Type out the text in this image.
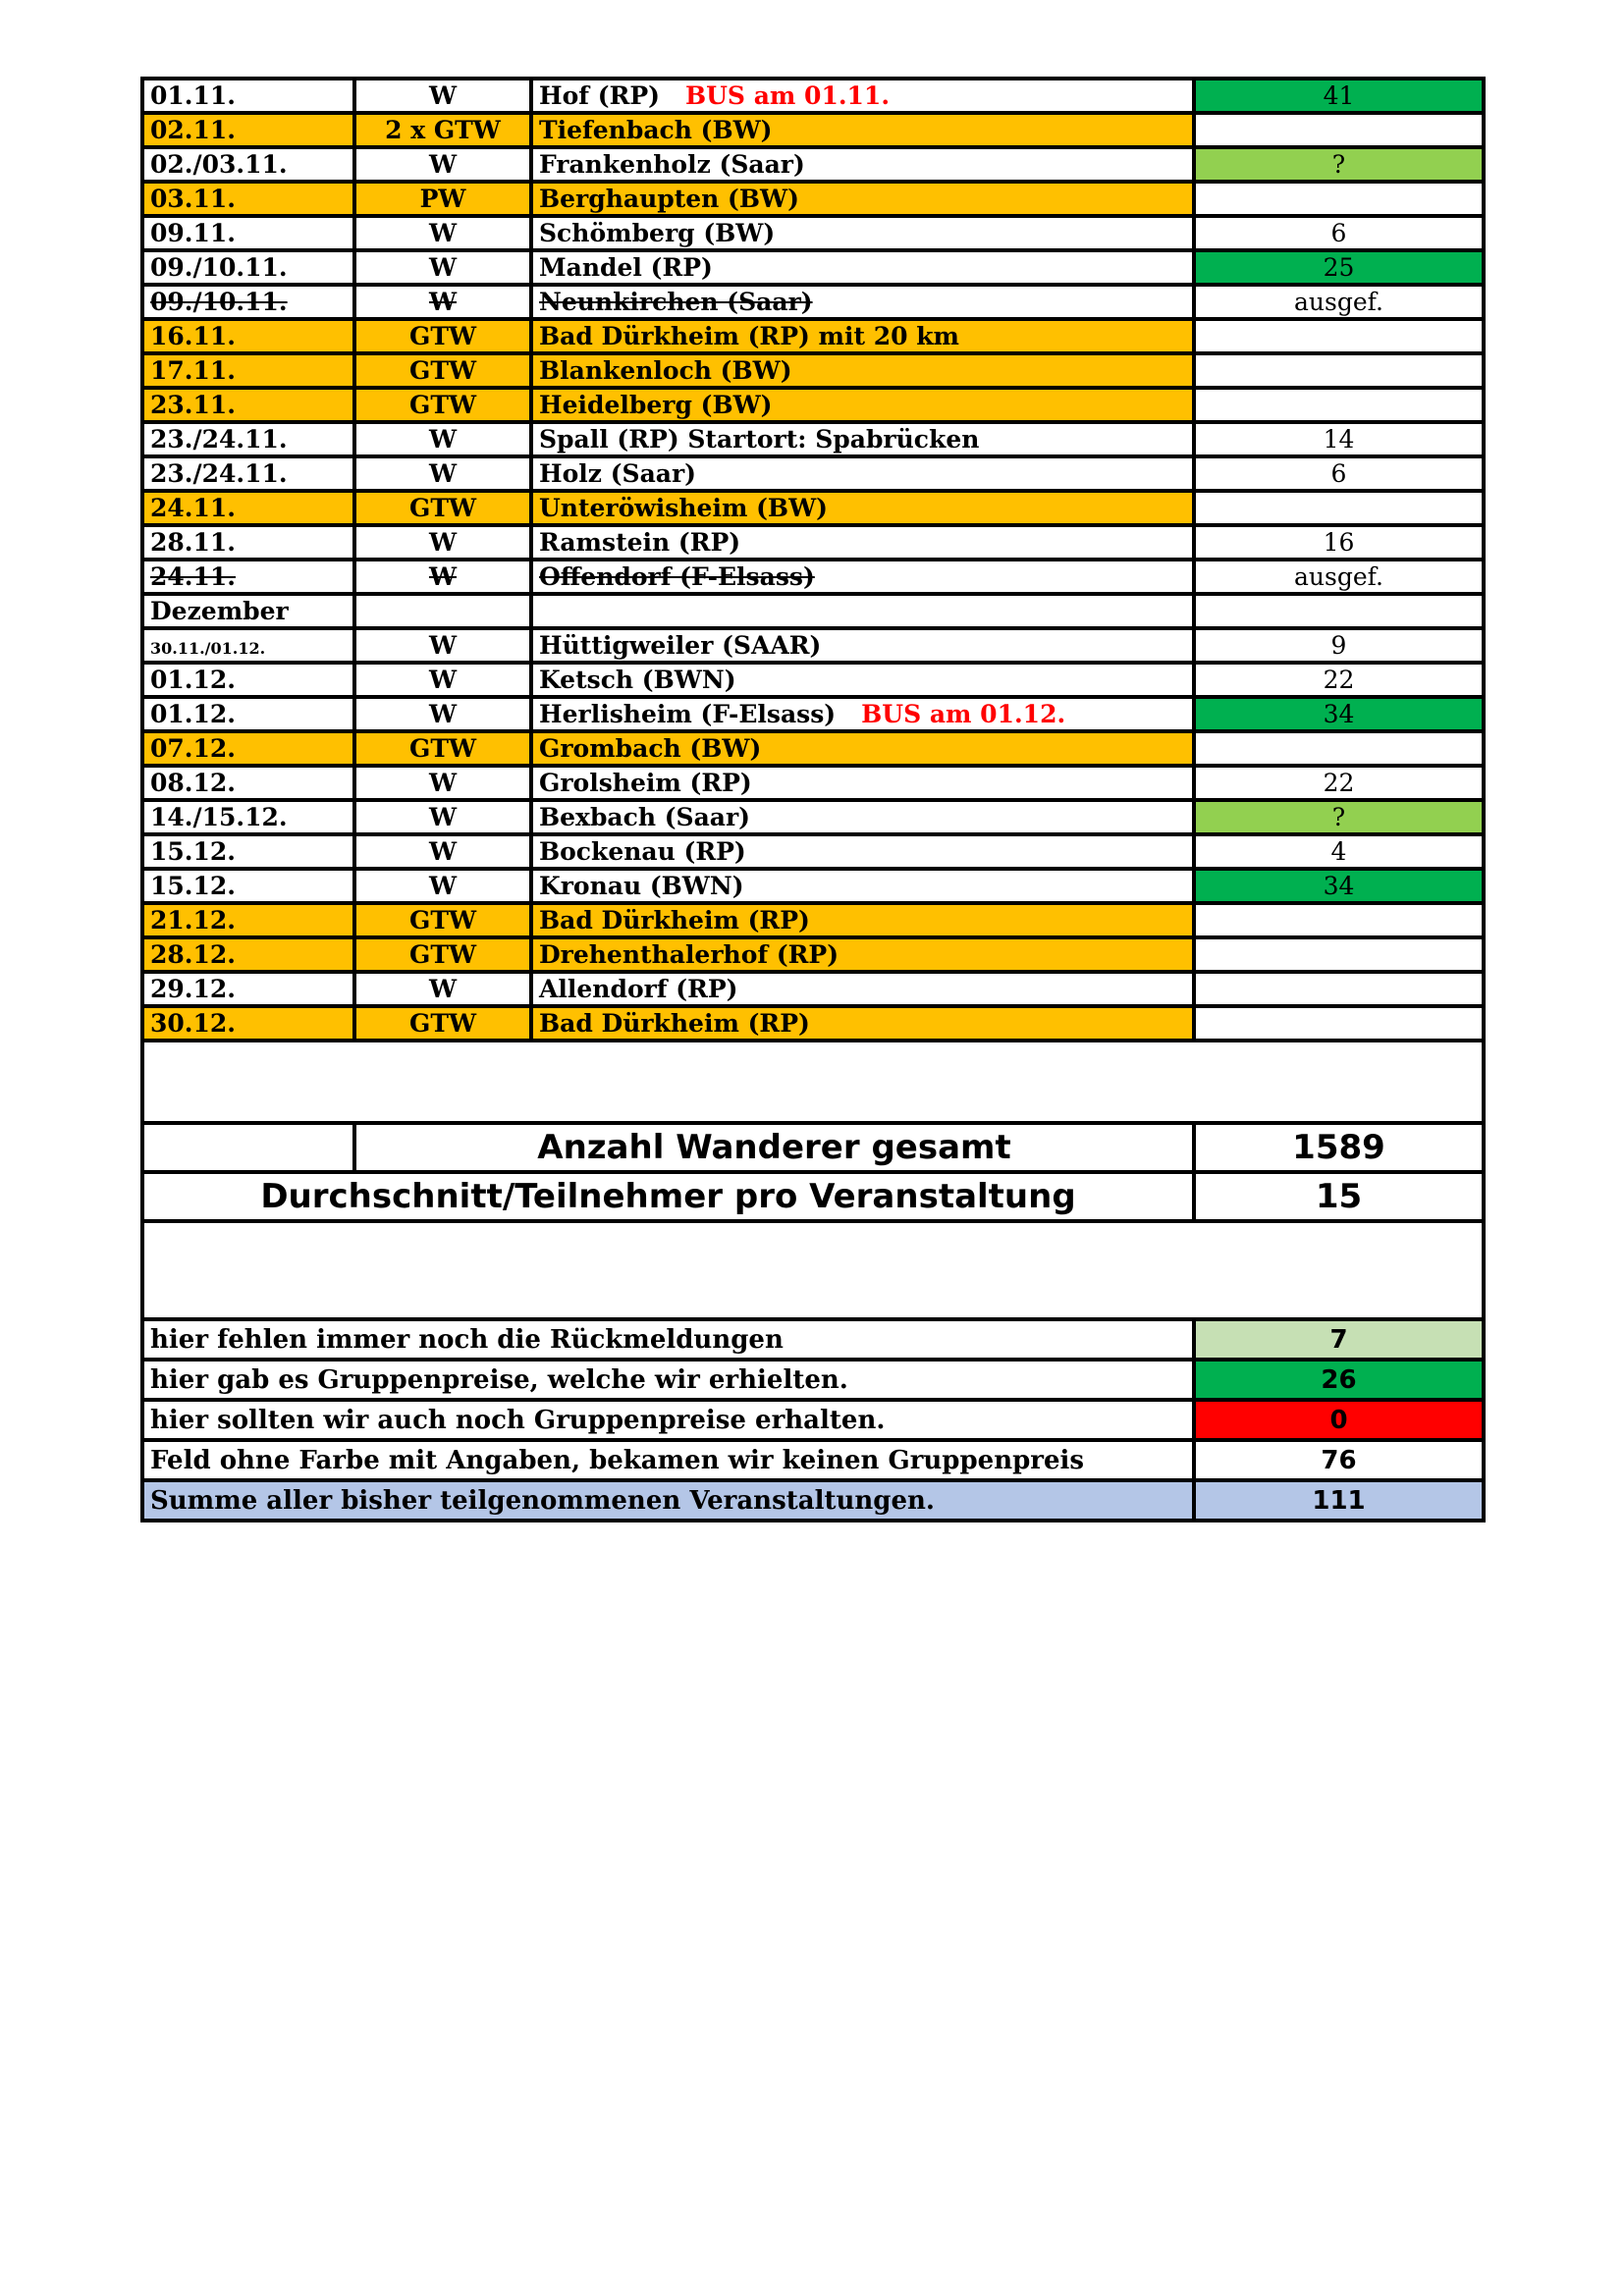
01.11.	W	Hof (RP) BUS am 01.11.	41
02.11.	2 x GTW	Tiefenbach (BW)	
02./03.11.	W	Frankenholz (Saar)	?
03.11.	PW	Berghaupten (BW)	
09.11.	W	Schömberg (BW)	6
09./10.11.	W	Mandel (RP)	25
09./10.11.	W	Neunkirchen (Saar)	ausgef.
16.11.	GTW	Bad Dürkheim (RP) mit 20 km	
17.11.	GTW	Blankenloch (BW)	
23.11.	GTW	Heidelberg (BW)	
23./24.11.	W	Spall (RP) Startort: Spabrücken	14
23./24.11.	W	Holz (Saar)	6
24.11.	GTW	Unteröwisheim (BW)	
28.11.	W	Ramstein (RP)	16
24.11.	W	Offendorf (F-Elsass)	ausgef.
Dezember			
30.11./01.12.	W	Hüttigweiler (SAAR)	9
01.12.	W	Ketsch (BWN)	22
01.12.	W	Herlisheim (F-Elsass) BUS am 01.12.	34
07.12.	GTW	Grombach (BW)	
08.12.	W	Grolsheim (RP)	22
14./15.12.	W	Bexbach (Saar)	?
15.12.	W	Bockenau (RP)	4
15.12.	W	Kronau (BWN)	34
21.12.	GTW	Bad Dürkheim (RP)	
28.12.	GTW	Drehenthalerhof (RP)	
29.12.	W	Allendorf (RP)	
30.12.	GTW	Bad Dürkheim (RP)	

	Anzahl Wanderer gesamt		1589
Durchschnitt/Teilnehmer pro Veranstaltung			15

hier fehlen immer noch die Rückmeldungen			7
hier gab es Gruppenpreise, welche wir erhielten.			26
hier sollten wir auch noch Gruppenpreise erhalten.			0
Feld ohne Farbe mit Angaben, bekamen wir keinen Gruppenpreis			76
Summe aller bisher teilgenommenen Veranstaltungen.			111
